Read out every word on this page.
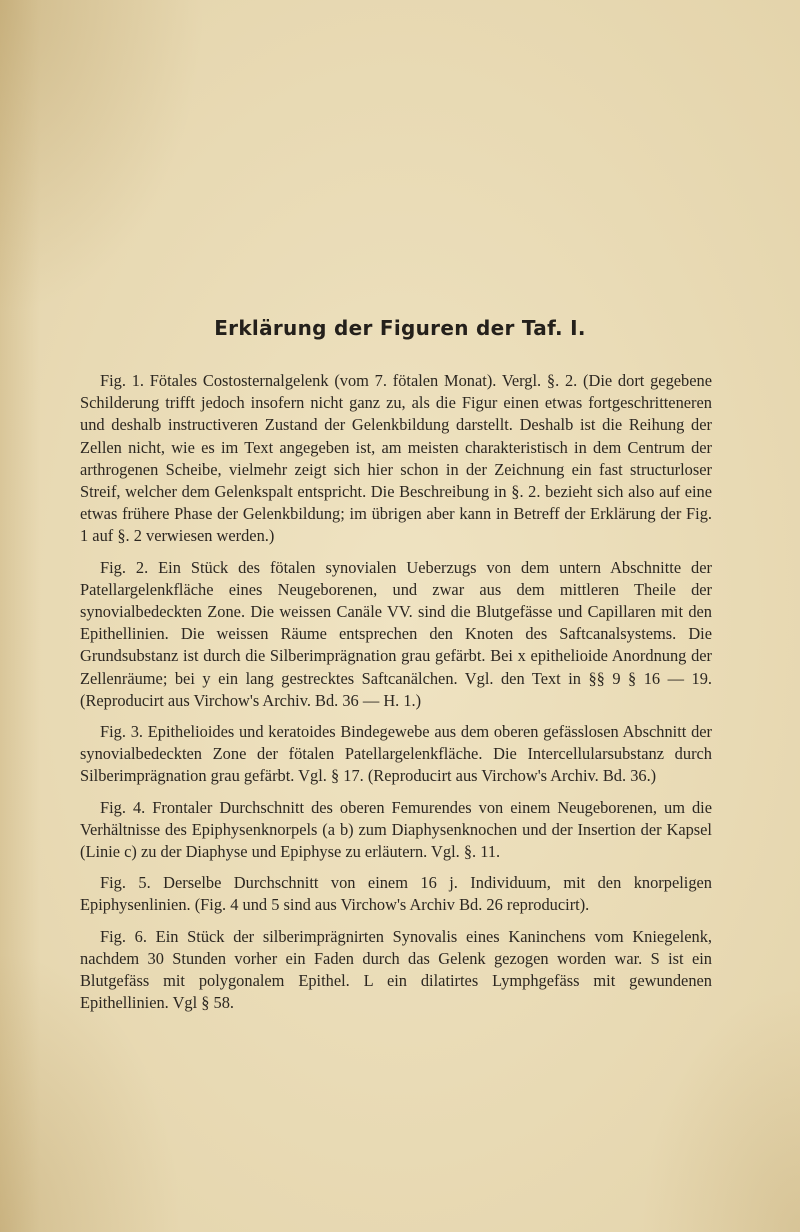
Erklärung der Figuren der Taf. I.

Fig. 1. Fötales Costosternalgelenk (vom 7. fötalen Monat). Vergl. §. 2. (Die dort gegebene Schilderung trifft jedoch insofern nicht ganz zu, als die Figur einen etwas fortgeschritteneren und deshalb instructiveren Zustand der Gelenkbildung darstellt. Deshalb ist die Reihung der Zellen nicht, wie es im Text angegeben ist, am meisten charakteristisch in dem Centrum der arthrogenen Scheibe, vielmehr zeigt sich hier schon in der Zeichnung ein fast structurloser Streif, welcher dem Gelenkspalt entspricht. Die Beschreibung in §. 2. bezieht sich also auf eine etwas frühere Phase der Gelenkbildung; im übrigen aber kann in Betreff der Erklärung der Fig. 1 auf §. 2 verwiesen werden.)

Fig. 2. Ein Stück des fötalen synovialen Ueberzugs von dem untern Abschnitte der Patellargelenkfläche eines Neugeborenen, und zwar aus dem mittleren Theile der synovialbedeckten Zone. Die weissen Canäle VV. sind die Blutgefässe und Capillaren mit den Epithellinien. Die weissen Räume entsprechen den Knoten des Saftcanalsystems. Die Grundsubstanz ist durch die Silberimprägnation grau gefärbt. Bei x epithelioide Anordnung der Zellenräume; bei y ein lang gestrecktes Saftcanälchen. Vgl. den Text in §§ 9 § 16 — 19. (Reproducirt aus Virchow's Archiv. Bd. 36 — H. 1.)

Fig. 3. Epithelioides und keratoides Bindegewebe aus dem oberen gefässlosen Abschnitt der synovialbedeckten Zone der fötalen Patellargelenkfläche. Die Intercellularsubstanz durch Silberimprägnation grau gefärbt. Vgl. § 17. (Reproducirt aus Virchow's Archiv. Bd. 36.)

Fig. 4. Frontaler Durchschnitt des oberen Femurendes von einem Neugeborenen, um die Verhältnisse des Epiphysenknorpels (a b) zum Diaphysenknochen und der Insertion der Kapsel (Linie c) zu der Diaphyse und Epiphyse zu erläutern. Vgl. §. 11.

Fig. 5. Derselbe Durchschnitt von einem 16 j. Individuum, mit den knorpeligen Epiphysenlinien. (Fig. 4 und 5 sind aus Virchow's Archiv Bd. 26 reproducirt).

Fig. 6. Ein Stück der silberimprägnirten Synovalis eines Kaninchens vom Kniegelenk, nachdem 30 Stunden vorher ein Faden durch das Gelenk gezogen worden war. S ist ein Blutgefäss mit polygonalem Epithel. L ein dilatirtes Lymphgefäss mit gewundenen Epithellinien. Vgl § 58.
